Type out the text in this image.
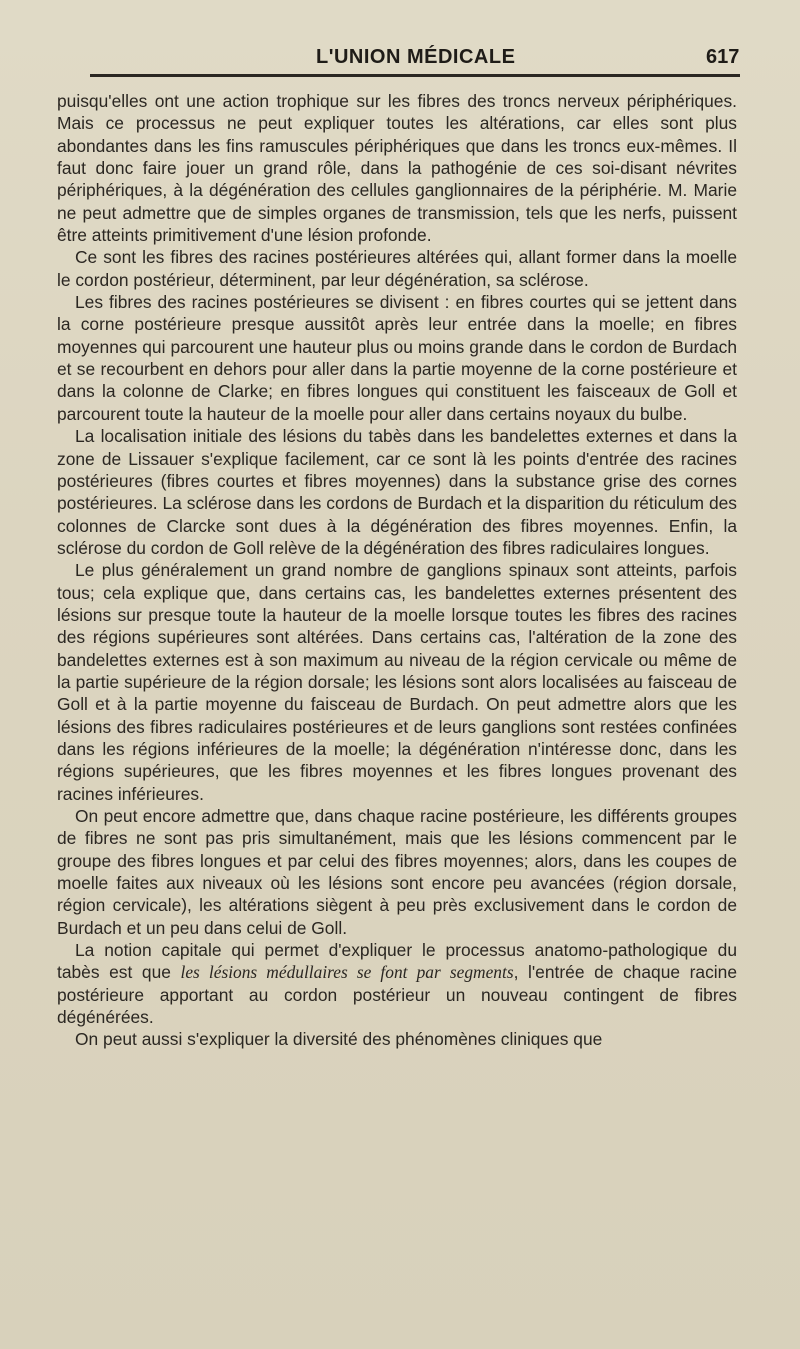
L'UNION MÉDICALE	617

puisqu'elles ont une action trophique sur les fibres des troncs nerveux périphériques. Mais ce processus ne peut expliquer toutes les altérations, car elles sont plus abondantes dans les fins ramuscules périphériques que dans les troncs eux-mêmes. Il faut donc faire jouer un grand rôle, dans la pathogénie de ces soi-disant névrites périphériques, à la dégénération des cellules ganglionnaires de la périphérie. M. Marie ne peut admettre que de simples organes de transmission, tels que les nerfs, puissent être atteints primitivement d'une lésion profonde.

Ce sont les fibres des racines postérieures altérées qui, allant former dans la moelle le cordon postérieur, déterminent, par leur dégénération, sa sclérose.

Les fibres des racines postérieures se divisent : en fibres courtes qui se jettent dans la corne postérieure presque aussitôt après leur entrée dans la moelle; en fibres moyennes qui parcourent une hauteur plus ou moins grande dans le cordon de Burdach et se recourbent en dehors pour aller dans la partie moyenne de la corne postérieure et dans la colonne de Clarke; en fibres longues qui constituent les faisceaux de Goll et parcourent toute la hauteur de la moelle pour aller dans certains noyaux du bulbe.

La localisation initiale des lésions du tabès dans les bandelettes externes et dans la zone de Lissauer s'explique facilement, car ce sont là les points d'entrée des racines postérieures (fibres courtes et fibres moyennes) dans la substance grise des cornes postérieures. La sclérose dans les cordons de Burdach et la disparition du réticulum des colonnes de Clarcke sont dues à la dégénération des fibres moyennes. Enfin, la sclérose du cordon de Goll relève de la dégénération des fibres radiculaires longues.

Le plus généralement un grand nombre de ganglions spinaux sont atteints, parfois tous; cela explique que, dans certains cas, les bandelettes externes présentent des lésions sur presque toute la hauteur de la moelle lorsque toutes les fibres des racines des régions supérieures sont altérées. Dans certains cas, l'altération de la zone des bandelettes externes est à son maximum au niveau de la région cervicale ou même de la partie supérieure de la région dorsale; les lésions sont alors localisées au faisceau de Goll et à la partie moyenne du faisceau de Burdach. On peut admettre alors que les lésions des fibres radiculaires postérieures et de leurs ganglions sont restées confinées dans les régions inférieures de la moelle; la dégénération n'intéresse donc, dans les régions supérieures, que les fibres moyennes et les fibres longues provenant des racines inférieures.

On peut encore admettre que, dans chaque racine postérieure, les différents groupes de fibres ne sont pas pris simultanément, mais que les lésions commencent par le groupe des fibres longues et par celui des fibres moyennes; alors, dans les coupes de moelle faites aux niveaux où les lésions sont encore peu avancées (région dorsale, région cervicale), les altérations siègent à peu près exclusivement dans le cordon de Burdach et un peu dans celui de Goll.

La notion capitale qui permet d'expliquer le processus anatomo-pathologique du tabès est que les lésions médullaires se font par segments, l'entrée de chaque racine postérieure apportant au cordon postérieur un nouveau contingent de fibres dégénérées.

On peut aussi s'expliquer la diversité des phénomènes cliniques que
